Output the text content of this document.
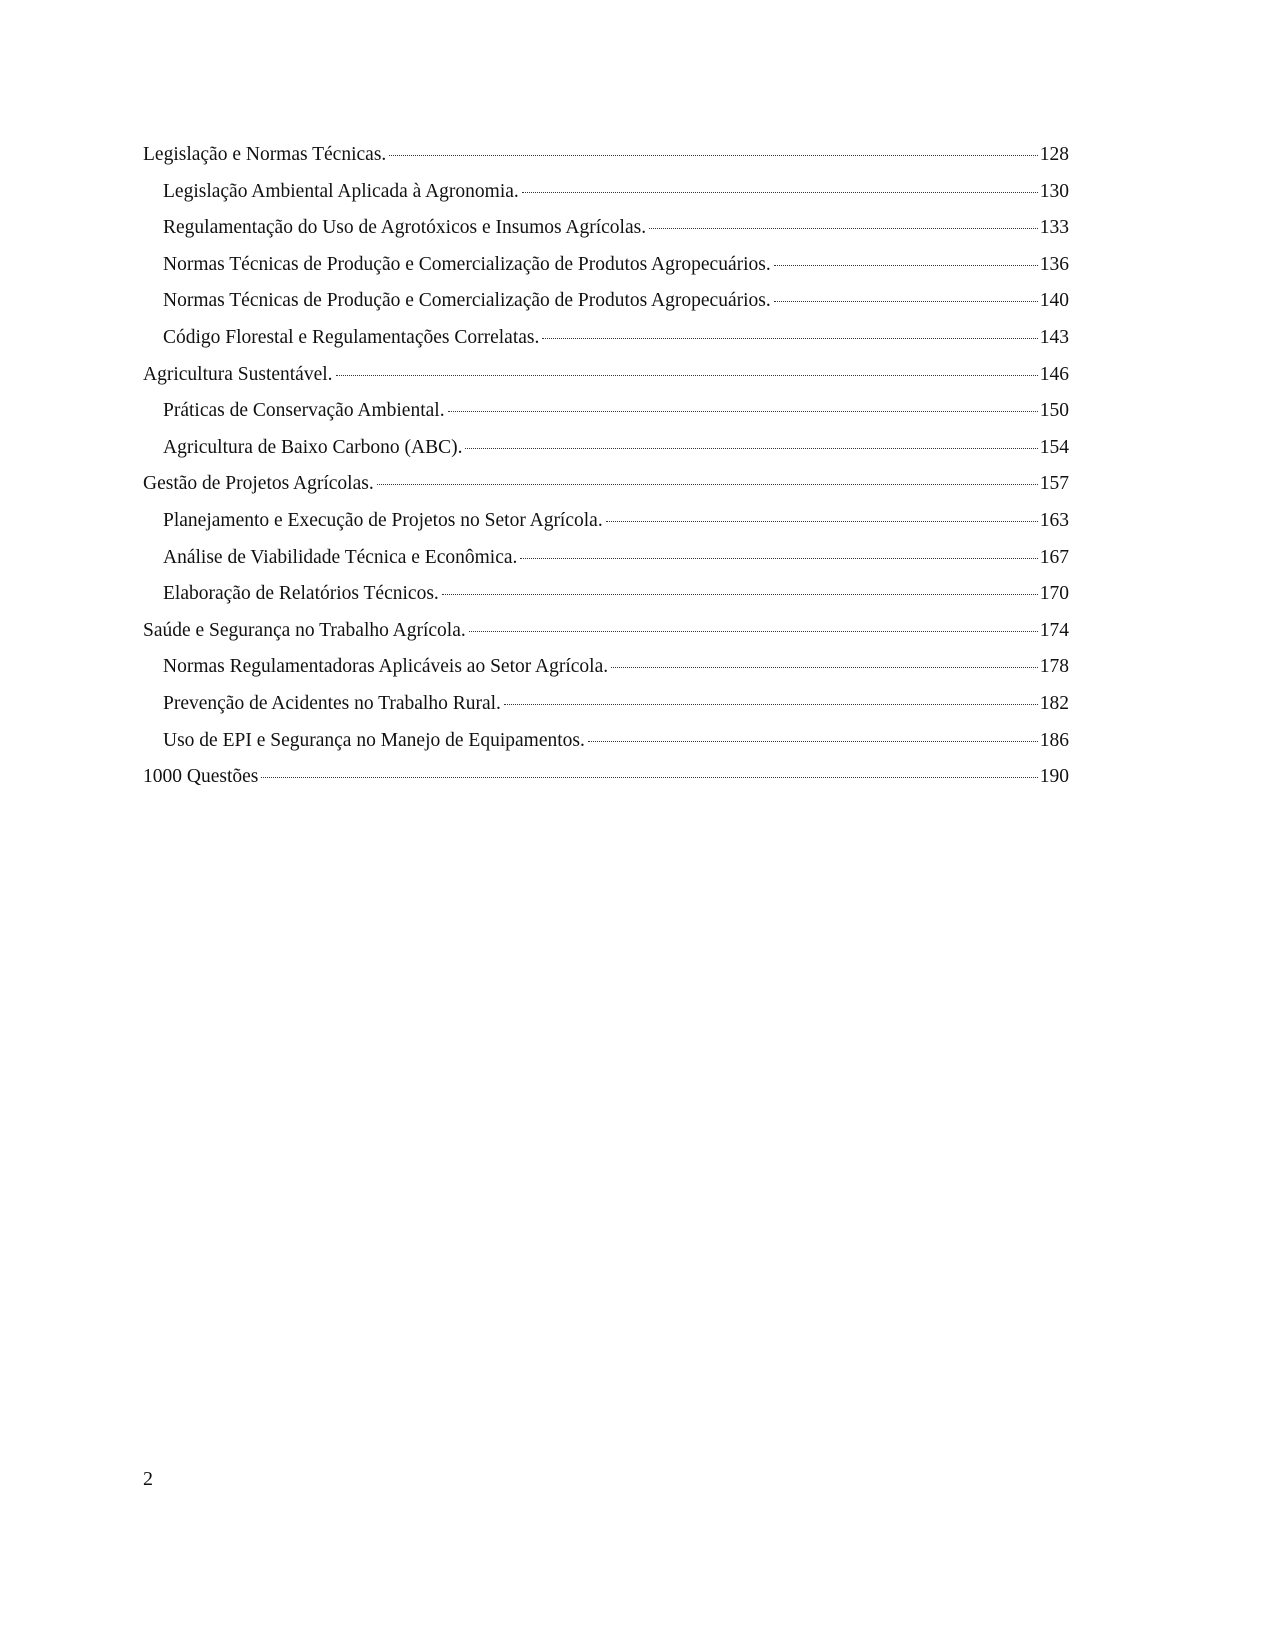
Legislação e Normas Técnicas.	128
Legislação Ambiental Aplicada à Agronomia.	130
Regulamentação do Uso de Agrotóxicos e Insumos Agrícolas.	133
Normas Técnicas de Produção e Comercialização de Produtos Agropecuários.	136
Normas Técnicas de Produção e Comercialização de Produtos Agropecuários.	140
Código Florestal e Regulamentações Correlatas.	143
Agricultura Sustentável.	146
Práticas de Conservação Ambiental.	150
Agricultura de Baixo Carbono (ABC).	154
Gestão de Projetos Agrícolas.	157
Planejamento e Execução de Projetos no Setor Agrícola.	163
Análise de Viabilidade Técnica e Econômica.	167
Elaboração de Relatórios Técnicos.	170
Saúde e Segurança no Trabalho Agrícola.	174
Normas Regulamentadoras Aplicáveis ao Setor Agrícola.	178
Prevenção de Acidentes no Trabalho Rural.	182
Uso de EPI e Segurança no Manejo de Equipamentos.	186
1000 Questões	190
2
